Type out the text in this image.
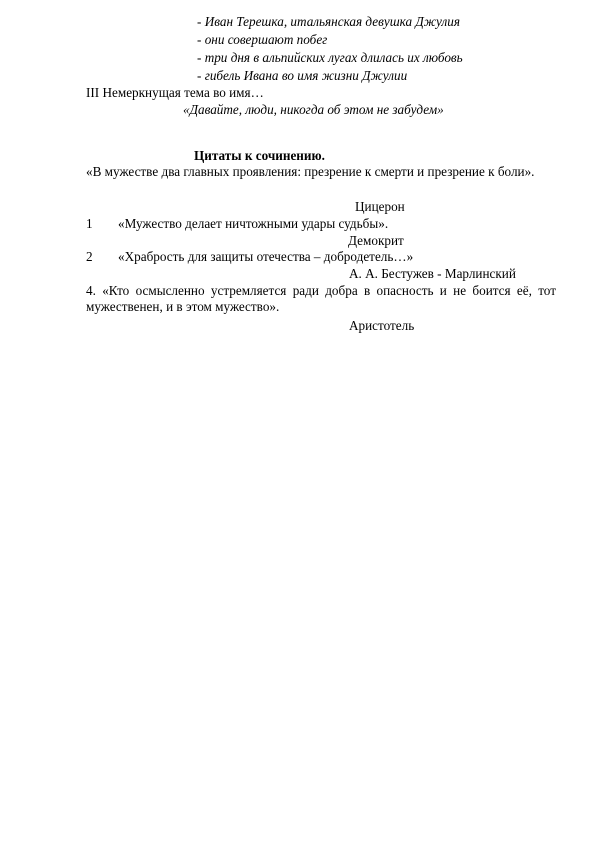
- Иван Терешка, итальянская девушка Джулия
- они совершают побег
- три дня в альпийских лугах длилась их любовь
- гибель Ивана во имя жизни Джулии
III Немеркнущая тема во имя…
«Давайте, люди, никогда об этом не забудем»
Цитаты к сочинению.
«В мужестве два главных проявления: презрение к смерти и презрение к боли».
Цицерон
1 «Мужество делает ничтожными удары судьбы».
Демокрит
2 «Храбрость для защиты отечества – добродетель…»
А. А. Бестужев - Марлинский
4. «Кто осмысленно устремляется ради добра в опасность и не боится её, тот мужественен, и в этом мужество».
Аристотель
